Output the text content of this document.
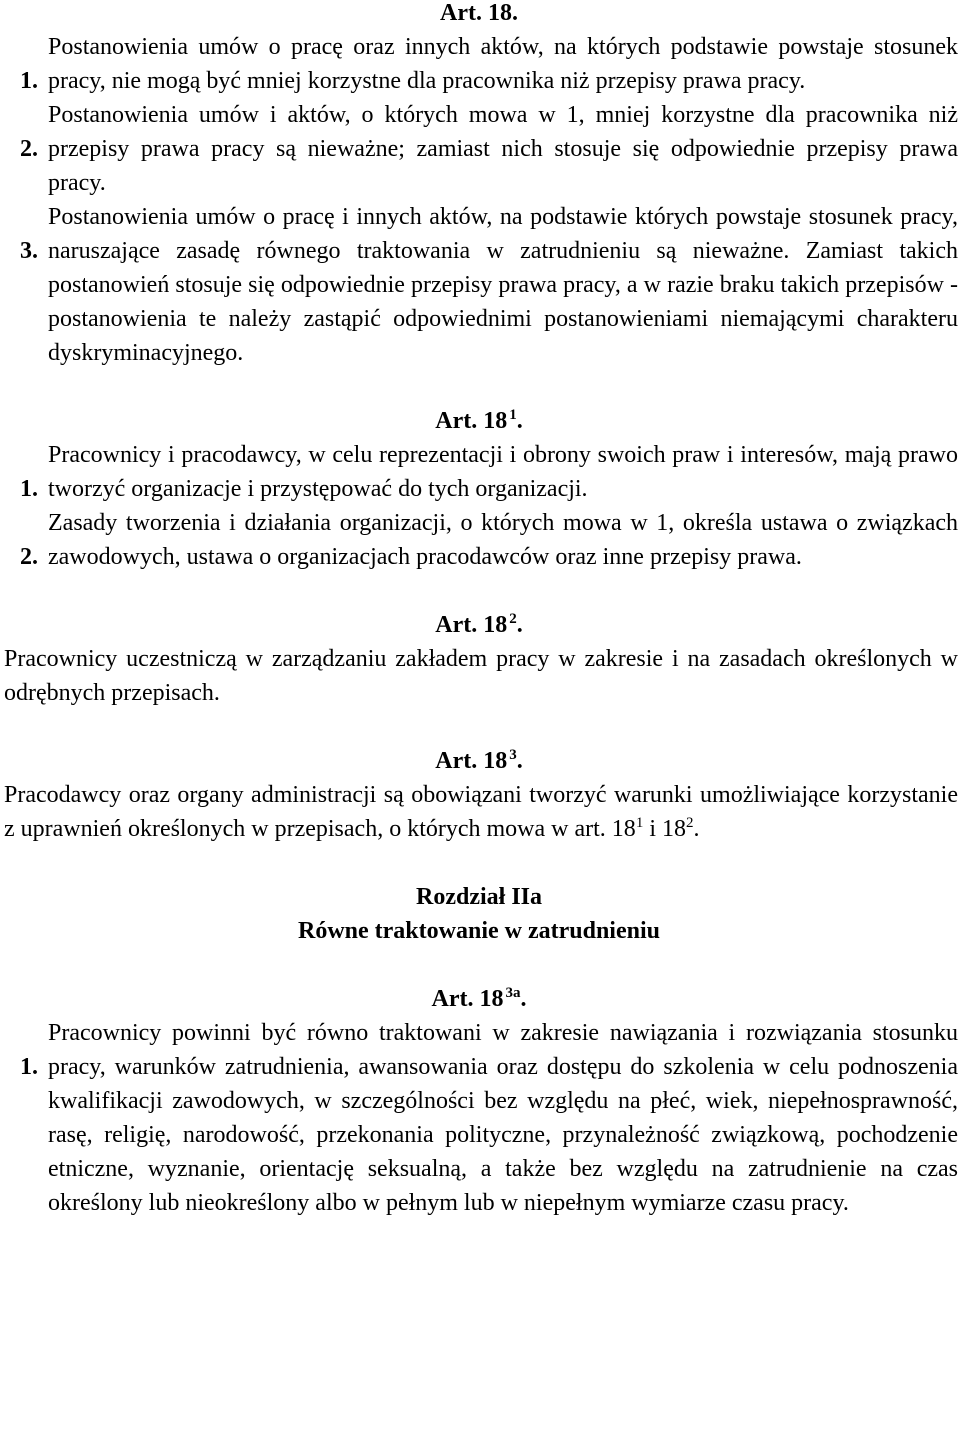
Art. 18.
1.
Postanowienia umów o pracę oraz innych aktów, na których podstawie powstaje stosunek pracy, nie mogą być mniej korzystne dla pracownika niż przepisy prawa pracy.
2.
Postanowienia umów i aktów, o których mowa w 1, mniej korzystne dla pracownika niż przepisy prawa pracy są nieważne; zamiast nich stosuje się odpowiednie przepisy prawa pracy.
3.
Postanowienia umów o pracę i innych aktów, na podstawie których powstaje stosunek pracy, naruszające zasadę równego traktowania w zatrudnieniu są nieważne. Zamiast takich postanowień stosuje się odpowiednie przepisy prawa pracy, a w razie braku takich przepisów - postanowienia te należy zastąpić odpowiednimi postanowieniami niemającymi charakteru dyskryminacyjnego.
Art. 18  $^1$.
1.
Pracownicy i pracodawcy, w celu reprezentacji i obrony swoich praw i interesów, mają prawo tworzyć organizacje i przystępować do tych organizacji.
2.
Zasady tworzenia i działania organizacji, o których mowa w 1, określa ustawa o związkach zawodowych, ustawa o organizacjach pracodawców oraz inne przepisy prawa.
Art. 18  $^2$.
Pracownicy uczestniczą w zarządzaniu zakładem pracy w zakresie i na zasadach określonych w odrębnych przepisach.
Art. 18  $^3$.
Pracodawcy oraz organy administracji są obowiązani tworzyć warunki umożliwiające korzystanie z uprawnień określonych w przepisach, o których mowa w art. $18^1$ i $18^2$.
Rozdział IIa
Równe traktowanie w zatrudnieniu
Art. 18  $^{3a}$.
1.
Pracownicy powinni być równo traktowani w zakresie nawiązania i rozwiązania stosunku pracy, warunków zatrudnienia, awansowania oraz dostępu do szkolenia w celu podnoszenia kwalifikacji zawodowych, w szczególności bez względu na płeć, wiek, niepełnosprawność, rasę, religię, narodowość, przekonania polityczne, przynależność związkową, pochodzenie etniczne, wyznanie, orientację seksualną, a także bez względu na zatrudnienie na czas określony lub nieokreślony albo w pełnym lub w niepełnym wymiarze czasu pracy.
